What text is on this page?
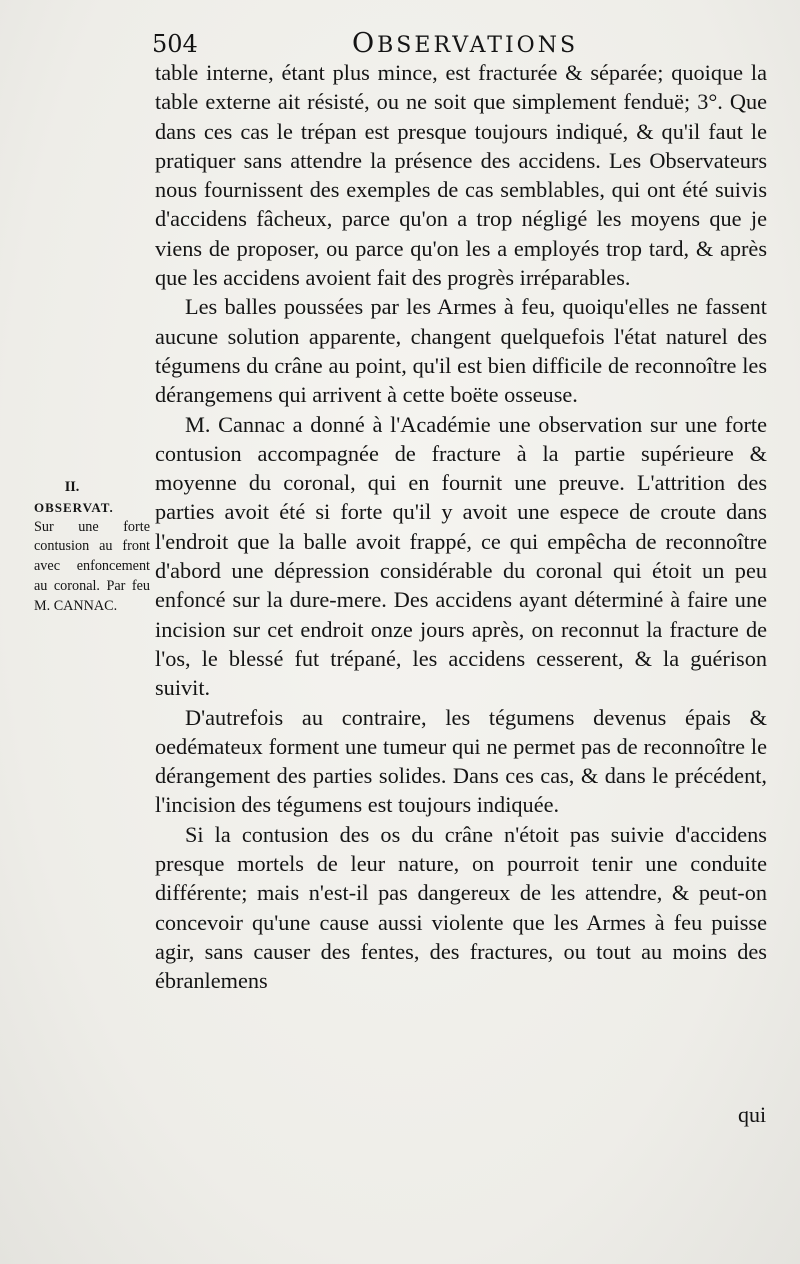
504	OBSERVATIONS

table interne, étant plus mince, est fracturée & séparée; quoique la table externe ait résisté, ou ne soit que simplement fenduë; 3°. Que dans ces cas le trépan est presque toujours indiqué, & qu'il faut le pratiquer sans attendre la présence des accidens. Les Observateurs nous fournissent des exemples de cas semblables, qui ont été suivis d'accidens fâcheux, parce qu'on a trop négligé les moyens que je viens de proposer, ou parce qu'on les a employés trop tard, & après que les accidens avoient fait des progrès irréparables.

Les balles poussées par les Armes à feu, quoiqu'elles ne fassent aucune solution apparente, changent quelquefois l'état naturel des tégumens du crâne au point, qu'il est bien difficile de reconnoître les dérangemens qui arrivent à cette boëte osseuse.

M. Cannac a donné à l'Académie une observation sur une forte contusion accompagnée de fracture à la partie supérieure & moyenne du coronal, qui en fournit une preuve. L'attrition des parties avoit été si forte qu'il y avoit une espece de croute dans l'endroit que la balle avoit frappé, ce qui empêcha de reconnoître d'abord une dépression considérable du coronal qui étoit un peu enfoncé sur la dure-mere. Des accidens ayant déterminé à faire une incision sur cet endroit onze jours après, on reconnut la fracture de l'os, le blessé fut trépané, les accidens cesserent, & la guérison suivit.

D'autrefois au contraire, les tégumens devenus épais & oedémateux forment une tumeur qui ne permet pas de reconnoître le dérangement des parties solides. Dans ces cas, & dans le précédent, l'incision des tégumens est toujours indiquée.

Si la contusion des os du crâne n'étoit pas suivie d'accidens presque mortels de leur nature, on pourroit tenir une conduite différente; mais n'est-il pas dangereux de les attendre, & peut-on concevoir qu'une cause aussi violente que les Armes à feu puisse agir, sans causer des fentes, des fractures, ou tout au moins des ébranlemens

II.
OBSERVAT.
Sur une forte contusion au front avec enfoncement au coronal. Par feu M. CANNAC.
qui
